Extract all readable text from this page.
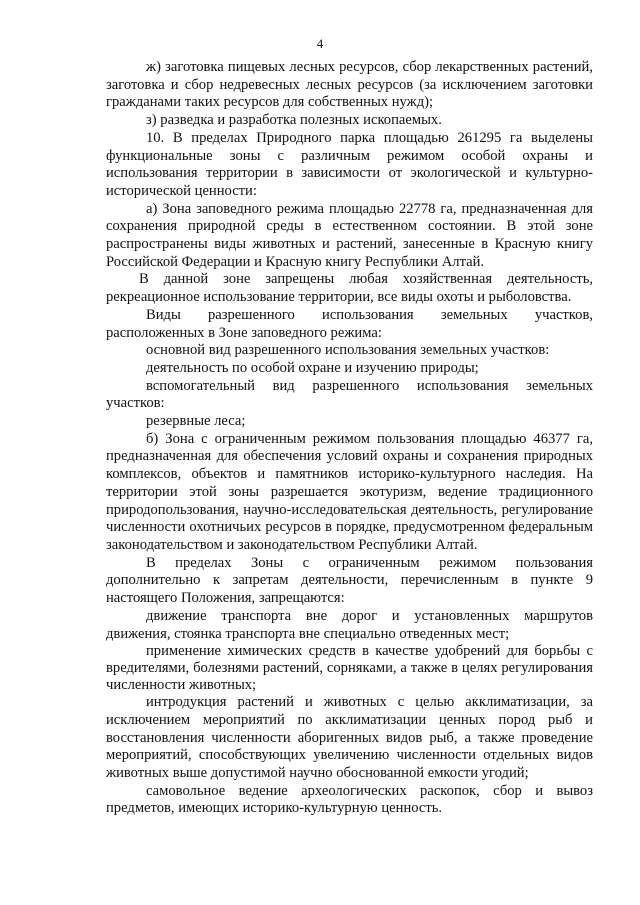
4

ж) заготовка пищевых лесных ресурсов, сбор лекарственных растений, заготовка и сбор недревесных лесных ресурсов (за исключением заготовки гражданами таких ресурсов для собственных нужд);

з) разведка и разработка полезных ископаемых.

10. В пределах Природного парка площадью 261295 га выделены функциональные зоны с различным режимом особой охраны и использования территории в зависимости от экологической и культурно-исторической ценности:

а) Зона заповедного режима площадью 22778 га, предназначенная для сохранения природной среды в естественном состоянии. В этой зоне распространены виды животных и растений, занесенные в Красную книгу Российской Федерации и Красную книгу Республики Алтай.

В данной зоне запрещены любая хозяйственная деятельность, рекреационное использование территории, все виды охоты и рыболовства.

Виды разрешенного использования земельных участков, расположенных в Зоне заповедного режима:

основной вид разрешенного использования земельных участков:

деятельность по особой охране и изучению природы;

вспомогательный вид разрешенного использования земельных участков:

резервные леса;

б) Зона с ограниченным режимом пользования площадью 46377 га, предназначенная для обеспечения условий охраны и сохранения природных комплексов, объектов и памятников историко-культурного наследия. На территории этой зоны разрешается экотуризм, ведение традиционного природопользования, научно-исследовательская деятельность, регулирование численности охотничьих ресурсов в порядке, предусмотренном федеральным законодательством и законодательством Республики Алтай.

В пределах Зоны с ограниченным режимом пользования дополнительно к запретам деятельности, перечисленным в пункте 9 настоящего Положения, запрещаются:

движение транспорта вне дорог и установленных маршрутов движения, стоянка транспорта вне специально отведенных мест;

применение химических средств в качестве удобрений для борьбы с вредителями, болезнями растений, сорняками, а также в целях регулирования численности животных;

интродукция растений и животных с целью акклиматизации, за исключением мероприятий по акклиматизации ценных пород рыб и восстановления численности аборигенных видов рыб, а также проведение мероприятий, способствующих увеличению численности отдельных видов животных выше допустимой научно обоснованной емкости угодий;

самовольное ведение археологических раскопок, сбор и вывоз предметов, имеющих историко-культурную ценность.
